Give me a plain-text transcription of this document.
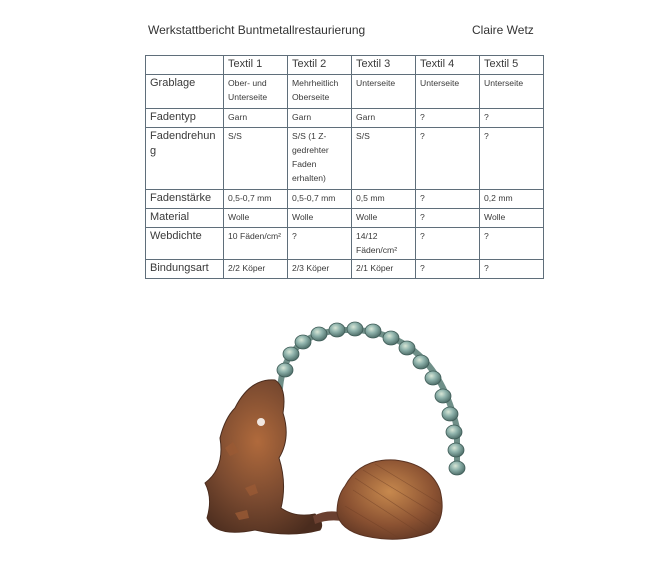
Werkstattbericht Buntmetallrestaurierung	Claire Wetz
	Textil 1	Textil 2	Textil 3	Textil 4	Textil 5
Grablage	Ober- und Unterseite	Mehrheitlich Oberseite	Unterseite	Unterseite	Unterseite
Fadentyp	Garn	Garn	Garn	?	?
Fadendrehung	S/S	S/S (1 Z-gedrehter Faden erhalten)	S/S	?	?
Fadenstärke	0,5-0,7 mm	0,5-0,7 mm	0,5 mm	?	0,2 mm
Material	Wolle	Wolle	Wolle	?	Wolle
Webdichte	10 Fäden/cm²	?	14/12 Fäden/cm²	?	?
Bindungsart	2/2 Köper	2/3 Köper	2/1 Köper	?	?
